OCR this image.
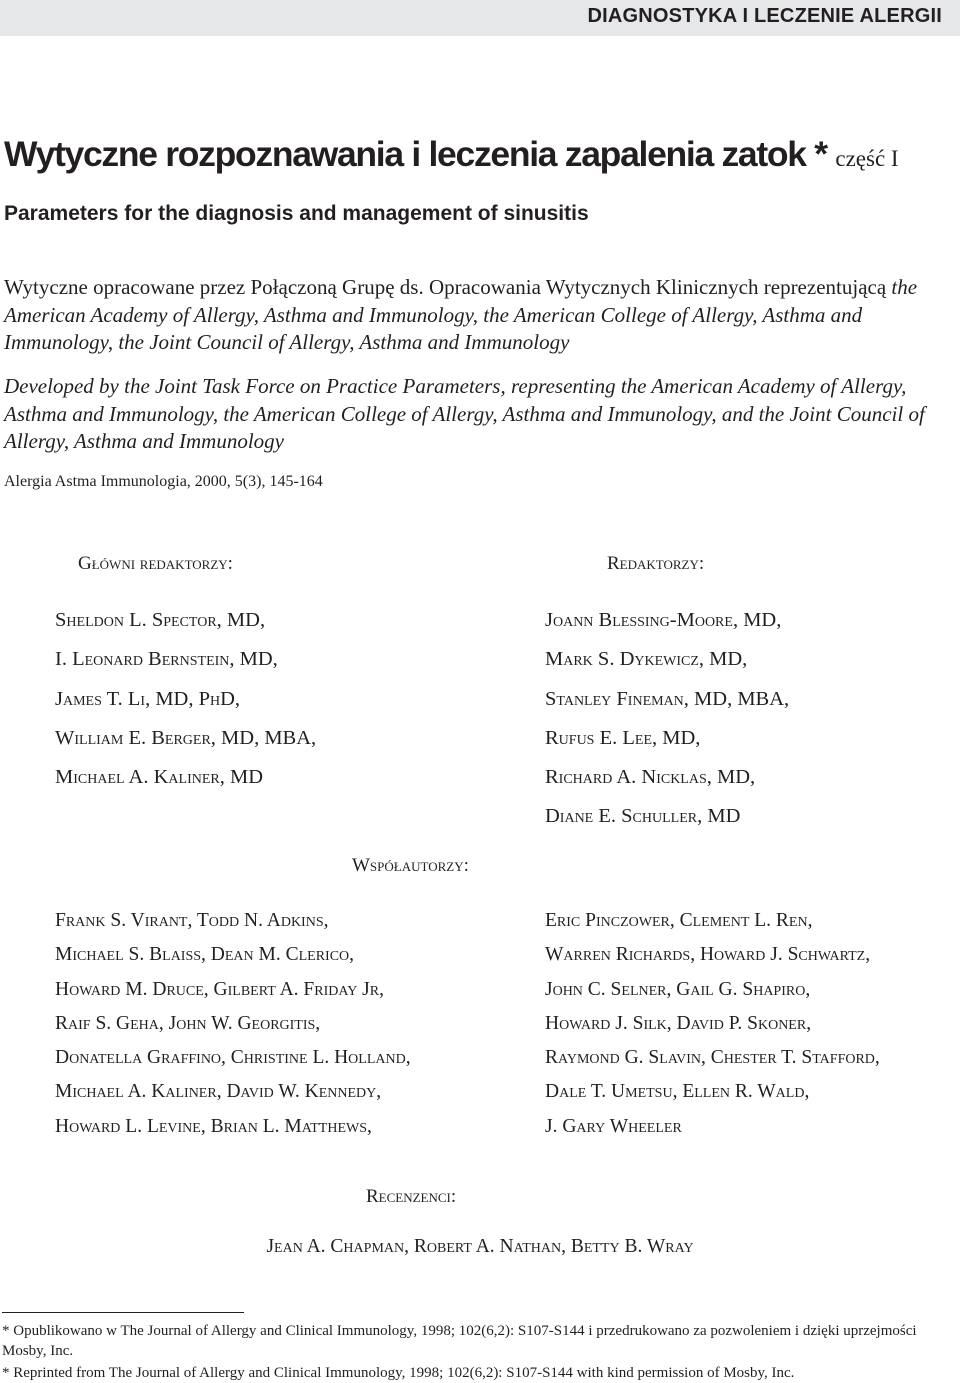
DIAGNOSTYKA I LECZENIE ALERGII
Wytyczne rozpoznawania i leczenia zapalenia zatok * część I
Parameters for the diagnosis and management of sinusitis
Wytyczne opracowane przez Połączoną Grupę ds. Opracowania Wytycznych Klinicznych reprezentującą the American Academy of Allergy, Asthma and Immunology, the American College of Allergy, Asthma and Immunology, the Joint Council of Allergy, Asthma and Immunology
Developed by the Joint Task Force on Practice Parameters, representing the American Academy of Allergy, Asthma and Immunology, the American College of Allergy, Asthma and Immunology, and the Joint Council of Allergy, Asthma and Immunology
Alergia Astma Immunologia, 2000, 5(3), 145-164
Główni redaktorzy:	Redaktorzy:
Sheldon L. Spector, MD,
I. Leonard Bernstein, MD,
James T. Li, MD, PhD,
William E. Berger, MD, MBA,
Michael A. Kaliner, MD
Joann Blessing-Moore, MD,
Mark S. Dykewicz, MD,
Stanley Fineman, MD, MBA,
Rufus E. Lee, MD,
Richard A. Nicklas, MD,
Diane E. Schuller, MD
Współautorzy:
Frank S. Virant, Todd N. Adkins,
Michael S. Blaiss, Dean M. Clerico,
Howard M. Druce, Gilbert A. Friday Jr,
Raif S. Geha, John W. Georgitis,
Donatella Graffino, Christine L. Holland,
Michael A. Kaliner, David W. Kennedy,
Howard L. Levine, Brian L. Matthews,
Eric Pinczower, Clement L. Ren,
Warren Richards, Howard J. Schwartz,
John C. Selner, Gail G. Shapiro,
Howard J. Silk, David P. Skoner,
Raymond G. Slavin, Chester T. Stafford,
Dale T. Umetsu, Ellen R. Wald,
J. Gary Wheeler
Recenzenci:
Jean A. Chapman, Robert A. Nathan, Betty B. Wray
* Opublikowano w The Journal of Allergy and Clinical Immunology, 1998; 102(6,2): S107-S144 i przedrukowano za pozwoleniem i dzięki uprzejmości Mosby, Inc.
* Reprinted from The Journal of Allergy and Clinical Immunology, 1998; 102(6,2): S107-S144 with kind permission of Mosby, Inc.
